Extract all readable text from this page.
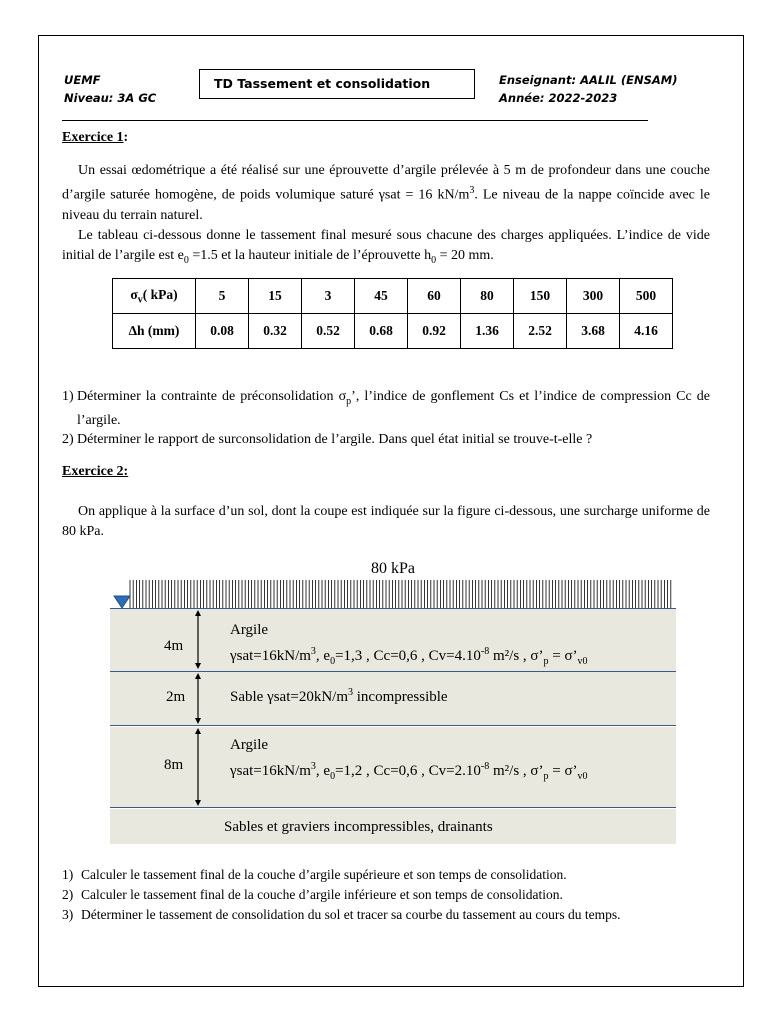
UEMF
Niveau: 3A GC
TD Tassement et consolidation	Enseignant: AALIL (ENSAM)
Année: 2022-2023
Exercice 1:

Un essai œdométrique a été réalisé sur une éprouvette d’argile prélevée à 5 m de profondeur dans une couche d’argile saturée homogène, de poids volumique saturé γsat = 16 $kN/m^3$. Le niveau de la nappe coïncide avec le niveau du terrain naturel.

Le tableau ci-dessous donne le tassement final mesuré sous chacune des charges appliquées. L’indice de vide initial de l’argile est $e_0 =1.5$ et la hauteur initiale de l’éprouvette $h_0 = 20$ mm.

$\sigma_v$( kPa)	5	15	3	45	60	80	150	300	500
∆h (mm)	0.08	0.32	0.52	0.68	0.92	1.36	2.52	3.68	4.16
1) Déterminer la contrainte de préconsolidation $\sigma_p$’, l’indice de gonflement Cs et l’indice de compression Cc de l’argile.
2) Déterminer le rapport de surconsolidation de l’argile. Dans quel état initial se trouve-t-elle ?
Exercice 2:

On applique à la surface d’un sol, dont la coupe est indiquée sur la figure ci-dessous, une surcharge uniforme de 80 kPa.

80 kPa
4m
2m
8m
Argile
$\gamma sat=16kN/m^3$, $e_0=1,3$ , Cc=0,6 , $Cv=4.10^{-8}$ m²/s , $\sigma’_p$ = $\sigma’_{v0}$
Sable $\gamma sat=20kN/m^3$ incompressible
Argile
$\gamma sat=16kN/m^3$, $e_0=1,2$ , Cc=0,6 , $Cv=2.10^{-8}$ m²/s , $\sigma’_p$ = $\sigma’_{v0}$
Sables et graviers incompressibles, drainants
1) Calculer le tassement final de la couche d’argile supérieure et son temps de consolidation.
2) Calculer le tassement final de la couche d’argile inférieure et son temps de consolidation.
3) Déterminer le tassement de consolidation du sol et tracer sa courbe du tassement au cours du temps.
